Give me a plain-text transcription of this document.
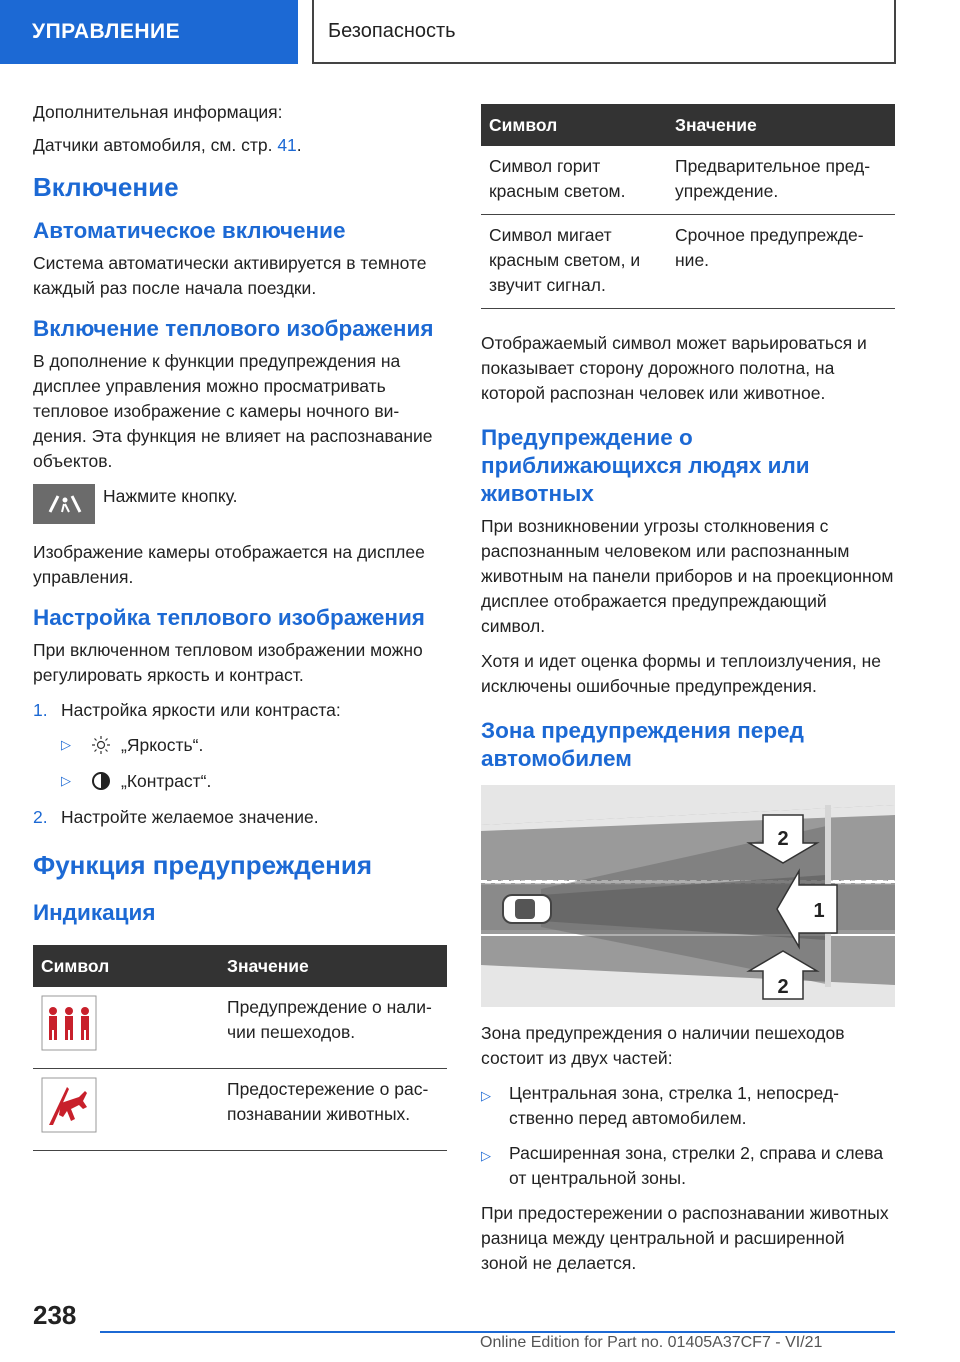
УПРАВЛЕНИЕ	Безопасность

Дополнительная информация:

Датчики автомобиля, см. стр. 41.

Включение
Автоматическое включение

Система автоматически активируется в темноте каждый раз после начала поездки.

Включение теплового изображения

В дополнение к функции предупреждения на дисплее управления можно просматривать тепловое изображение с камеры ночного видения. Эта функция не влияет на распознавание объектов.

Нажмите кнопку.

Изображение камеры отображается на дисплее управления.

Настройка теплового изображения

При включенном тепловом изображении можно регулировать яркость и контраст.

1. Настройка яркости или контраста:
▷	„Яркость“.
▷	„Контраст“.
2. Настройте желаемое значение.
Функция предупреждения
Индикация
Символ	Значение
	Предупреждение о наличии пешеходов.
	Предостережение о распознавании животных.
Символ	Значение
Символ горит красным светом.	Предварительное предупреждение.
Символ мигает красным светом, и звучит сигнал.	Срочное предупреждение.

Отображаемый символ может варьироваться и показывает сторону дорожного полотна, на которой распознан человек или животное.

Предупреждение о приближающихся людях или животных

При возникновении угрозы столкновения с распознанным человеком или распознанным животным на панели приборов и на проекционном дисплее отображается предупреждающий символ.

Хотя и идет оценка формы и теплоизлучения, не исключены ошибочные предупреждения.

Зона предупреждения перед автомобилем
1
2
2

Зона предупреждения о наличии пешеходов состоит из двух частей:

▷	Центральная зона, стрелка 1, непосредственно перед автомобилем.
▷	Расширенная зона, стрелки 2, справа и слева от центральной зоны.

При предостережении о распознавании животных разница между центральной и расширенной зоной не делается.

238
Online Edition for Part no. 01405A37CF7 - VI/21
